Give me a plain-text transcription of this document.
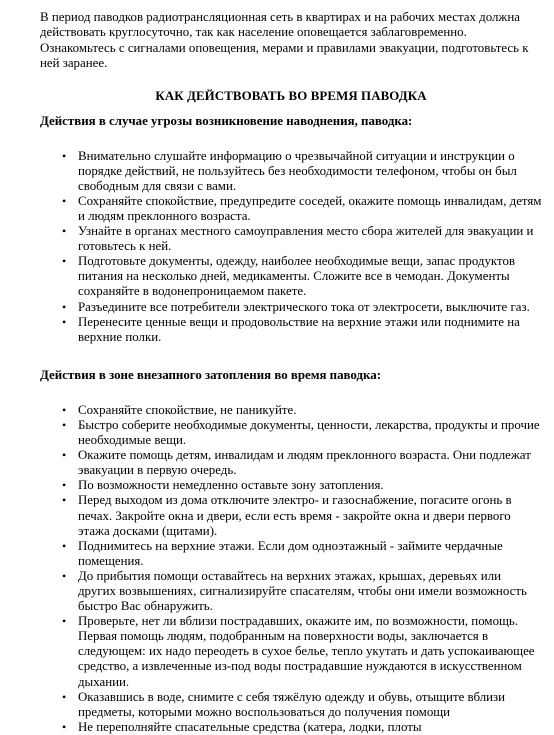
В период паводков радиотрансляционная сеть в квартирах и на рабочих местах должна действовать круглосуточно, так как население оповещается заблаговременно. Ознакомьтесь с сигналами оповещения, мерами и правилами эвакуации, подготовьтесь к ней заранее.

КАК ДЕЙСТВОВАТЬ ВО ВРЕМЯ ПАВОДКА
Действия в случае угрозы возникновение наводнения, паводка:
• Внимательно слушайте информацию о чрезвычайной ситуации и инструкции о порядке действий, не пользуйтесь без необходимости телефоном, чтобы он был свободным для связи с вами.
• Сохраняйте спокойствие, предупредите соседей, окажите помощь инвалидам, детям и людям преклонного возраста.
• Узнайте в органах местного самоуправления место сбора жителей для эвакуации и готовьтесь к ней.
• Подготовьте документы, одежду, наиболее необходимые вещи, запас продуктов питания на несколько дней, медикаменты. Сложите все в чемодан. Документы сохраняйте в водонепроницаемом пакете.
• Разъедините все потребители электрического тока от электросети, выключите газ.
• Перенесите ценные вещи и продовольствие на верхние этажи или поднимите на верхние полки.
Действия в зоне внезапного затопления во время паводка:
• Сохраняйте спокойствие, не паникуйте.
• Быстро соберите необходимые документы, ценности, лекарства, продукты и прочие необходимые вещи.
• Окажите помощь детям, инвалидам и людям преклонного возраста. Они подлежат эвакуации в первую очередь.
• По возможности немедленно оставьте зону затопления.
• Перед выходом из дома отключите электро- и газоснабжение, погасите огонь в печах. Закройте окна и двери, если есть время - закройте окна и двери первого этажа досками (щитами).
• Поднимитесь на верхние этажи. Если дом одноэтажный - займите чердачные помещения.
• До прибытия помощи оставайтесь на верхних этажах, крышах, деревьях или других возвышениях, сигнализируйте спасателям, чтобы они имели возможность быстро Вас обнаружить.
• Проверьте, нет ли вблизи пострадавших, окажите им, по возможности, помощь. Первая помощь людям, подобранным на поверхности воды, заключается в следующем: их надо переодеть в сухое белье, тепло укутать и дать успокаивающее средство, а извлеченные из-под воды пострадавшие нуждаются в искусственном дыхании.
• Оказавшись в воде, снимите с себя тяжёлую одежду и обувь, отыщите вблизи предметы, которыми можно воспользоваться до получения помощи
• Не переполняйте спасательные средства (катера, лодки, плоты
